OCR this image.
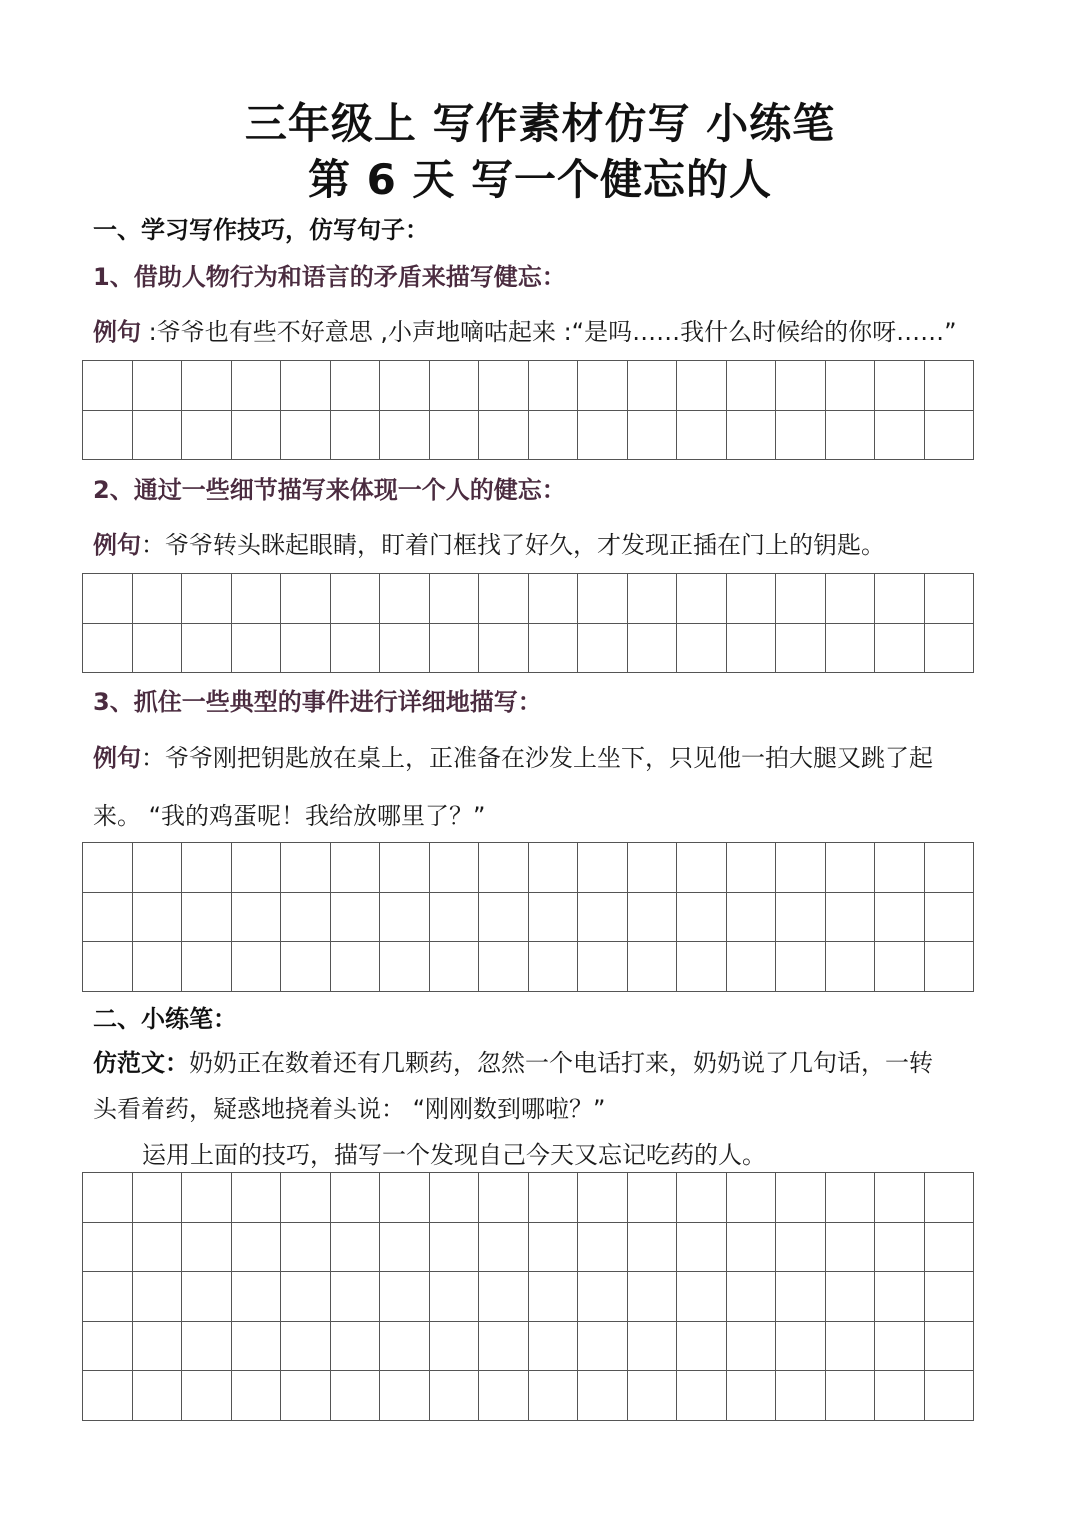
三年级上 写作素材仿写 小练笔
第 6 天 写一个健忘的人
一、学习写作技巧，仿写句子：
1、借助人物行为和语言的矛盾来描写健忘：
例句 :爷爷也有些不好意思 ,小声地嘀咕起来 :“是吗……我什么时候给的你呀……”
2、通过一些细节描写来体现一个人的健忘：
例句：爷爷转头眯起眼睛，盯着门框找了好久，才发现正插在门上的钥匙。
3、抓住一些典型的事件进行详细地描写：
例句：爷爷刚把钥匙放在桌上，正准备在沙发上坐下，只见他一拍大腿又跳了起
来。 “我的鸡蛋呢！我给放哪里了？”
二、小练笔：
仿范文：奶奶正在数着还有几颗药，忽然一个电话打来，奶奶说了几句话，一转
头看着药，疑惑地挠着头说： “刚刚数到哪啦？”
运用上面的技巧，描写一个发现自己今天又忘记吃药的人。
